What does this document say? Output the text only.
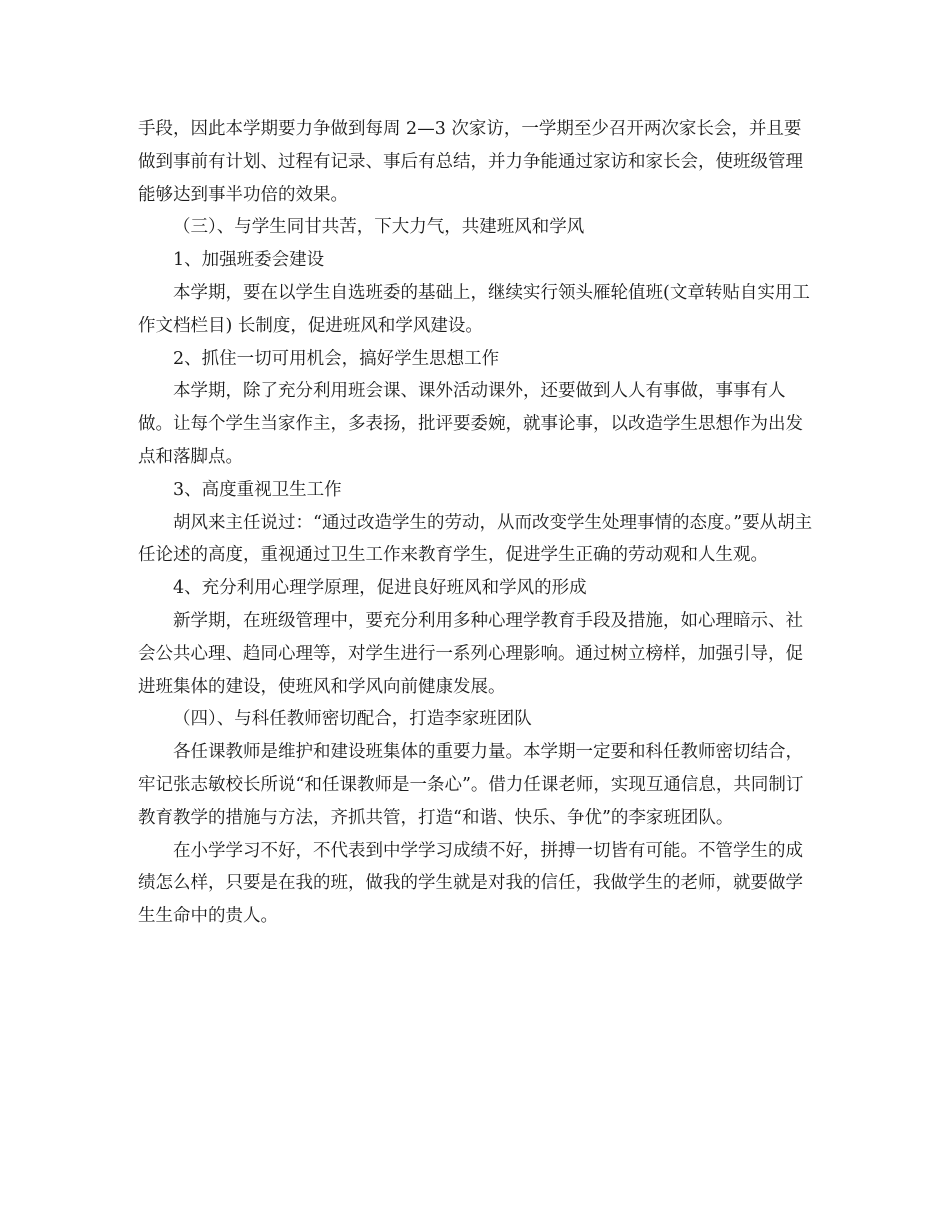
手段，因此本学期要力争做到每周 2—3 次家访，一学期至少召开两次家长会，并且要做到事前有计划、过程有记录、事后有总结，并力争能通过家访和家长会，使班级管理能够达到事半功倍的效果。

（三）、与学生同甘共苦，下大力气，共建班风和学风

1、加强班委会建设

本学期，要在以学生自选班委的基础上，继续实行领头雁轮值班(文章转贴自实用工作文档栏目) 长制度，促进班风和学风建设。

2、抓住一切可用机会，搞好学生思想工作

本学期，除了充分利用班会课、课外活动课外，还要做到人人有事做，事事有人做。让每个学生当家作主，多表扬，批评要委婉，就事论事，以改造学生思想作为出发点和落脚点。

3、高度重视卫生工作

胡风来主任说过：“通过改造学生的劳动，从而改变学生处理事情的态度。”要从胡主任论述的高度，重视通过卫生工作来教育学生，促进学生正确的劳动观和人生观。

4、充分利用心理学原理，促进良好班风和学风的形成

新学期，在班级管理中，要充分利用多种心理学教育手段及措施，如心理暗示、社会公共心理、趋同心理等，对学生进行一系列心理影响。通过树立榜样，加强引导，促进班集体的建设，使班风和学风向前健康发展。

（四）、与科任教师密切配合，打造李家班团队

各任课教师是维护和建设班集体的重要力量。本学期一定要和科任教师密切结合，牢记张志敏校长所说“和任课教师是一条心”。借力任课老师，实现互通信息，共同制订教育教学的措施与方法，齐抓共管，打造“和谐、快乐、争优”的李家班团队。

在小学学习不好，不代表到中学学习成绩不好，拼搏一切皆有可能。不管学生的成绩怎么样，只要是在我的班，做我的学生就是对我的信任，我做学生的老师，就要做学生生命中的贵人。
